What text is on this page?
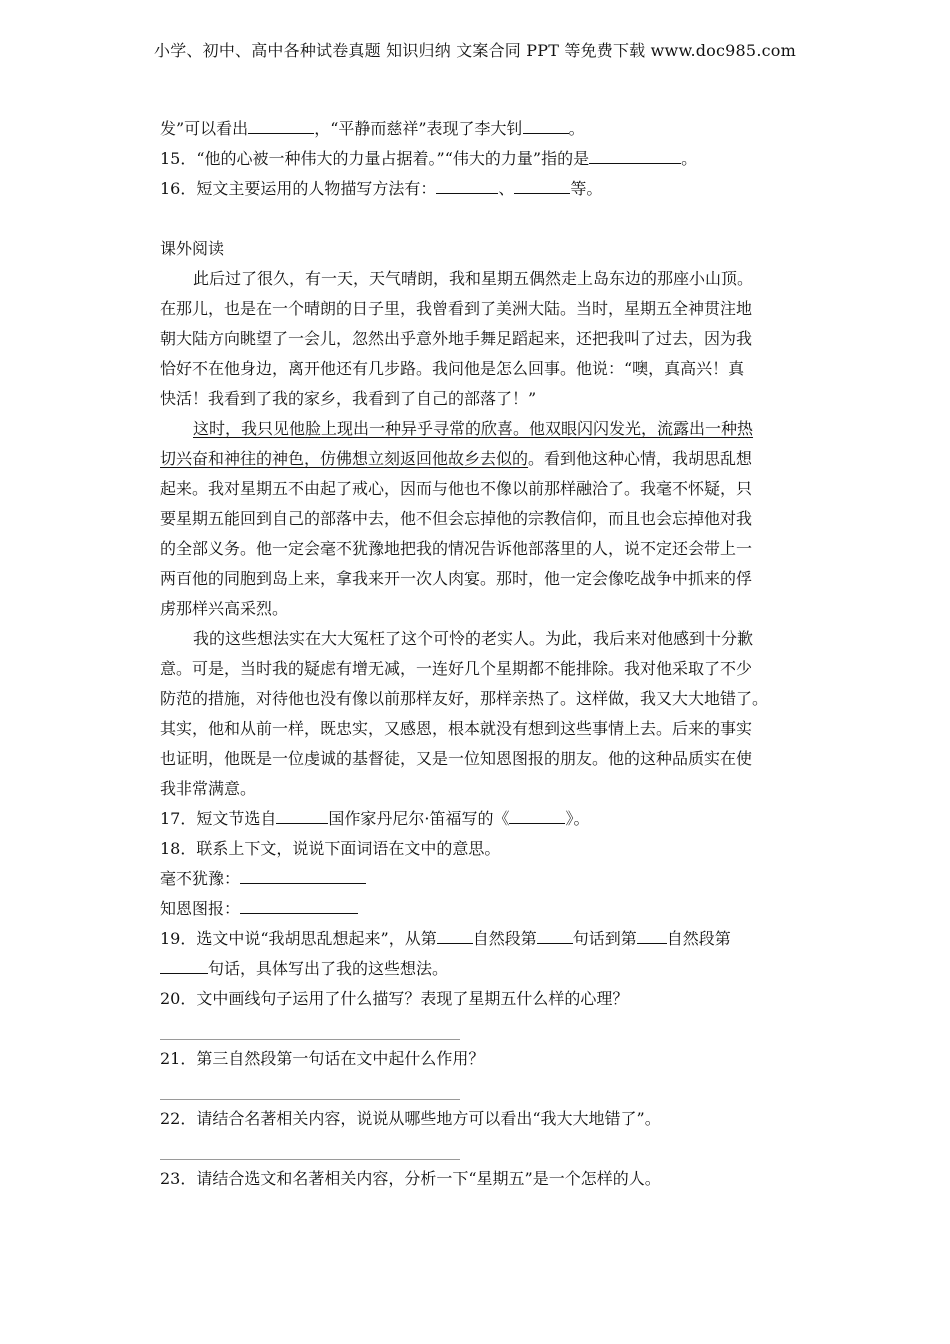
小学、初中、高中各种试卷真题 知识归纳 文案合同 PPT 等免费下载 www.doc985.com
发”可以看出	，“平静而慈祥”表现了李大钊	。
15．“他的心被一种伟大的力量占据着。”“伟大的力量”指的是	。
16．短文主要运用的人物描写方法有：	、	等。
课外阅读
此后过了很久，有一天，天气晴朗，我和星期五偶然走上岛东边的那座小山顶。
在那儿，也是在一个晴朗的日子里，我曾看到了美洲大陆。当时，星期五全神贯注地
朝大陆方向眺望了一会儿，忽然出乎意外地手舞足蹈起来，还把我叫了过去，因为我
恰好不在他身边，离开他还有几步路。我问他是怎么回事。他说：“噢，真高兴！真
快活！我看到了我的家乡，我看到了自己的部落了！”
这时，我只见他脸上现出一种异乎寻常的欣喜。他双眼闪闪发光，流露出一种热
切兴奋和神往的神色，仿佛想立刻返回他故乡去似的。看到他这种心情，我胡思乱想
起来。我对星期五不由起了戒心，因而与他也不像以前那样融洽了。我毫不怀疑，只
要星期五能回到自己的部落中去，他不但会忘掉他的宗教信仰，而且也会忘掉他对我
的全部义务。他一定会毫不犹豫地把我的情况告诉他部落里的人，说不定还会带上一
两百他的同胞到岛上来，拿我来开一次人肉宴。那时，他一定会像吃战争中抓来的俘
虏那样兴高采烈。
我的这些想法实在大大冤枉了这个可怜的老实人。为此，我后来对他感到十分歉
意。可是，当时我的疑虑有增无减，一连好几个星期都不能排除。我对他采取了不少
防范的措施，对待他也没有像以前那样友好，那样亲热了。这样做，我又大大地错了。
其实，他和从前一样，既忠实，又感恩，根本就没有想到这些事情上去。后来的事实
也证明，他既是一位虔诚的基督徒，又是一位知恩图报的朋友。他的这种品质实在使
我非常满意。
17．短文节选自	国作家丹尼尔·笛福写的《	》。
18．联系上下文，说说下面词语在文中的意思。
毫不犹豫：
知恩图报：
19．选文中说“我胡思乱想起来”，从第 自然段第 句话到第 自然段第
句话，具体写出了我的这些想法。
20．文中画线句子运用了什么描写？表现了星期五什么样的心理？
21．第三自然段第一句话在文中起什么作用？
22．请结合名著相关内容，说说从哪些地方可以看出“我大大地错了”。
23．请结合选文和名著相关内容，分析一下“星期五”是一个怎样的人。
